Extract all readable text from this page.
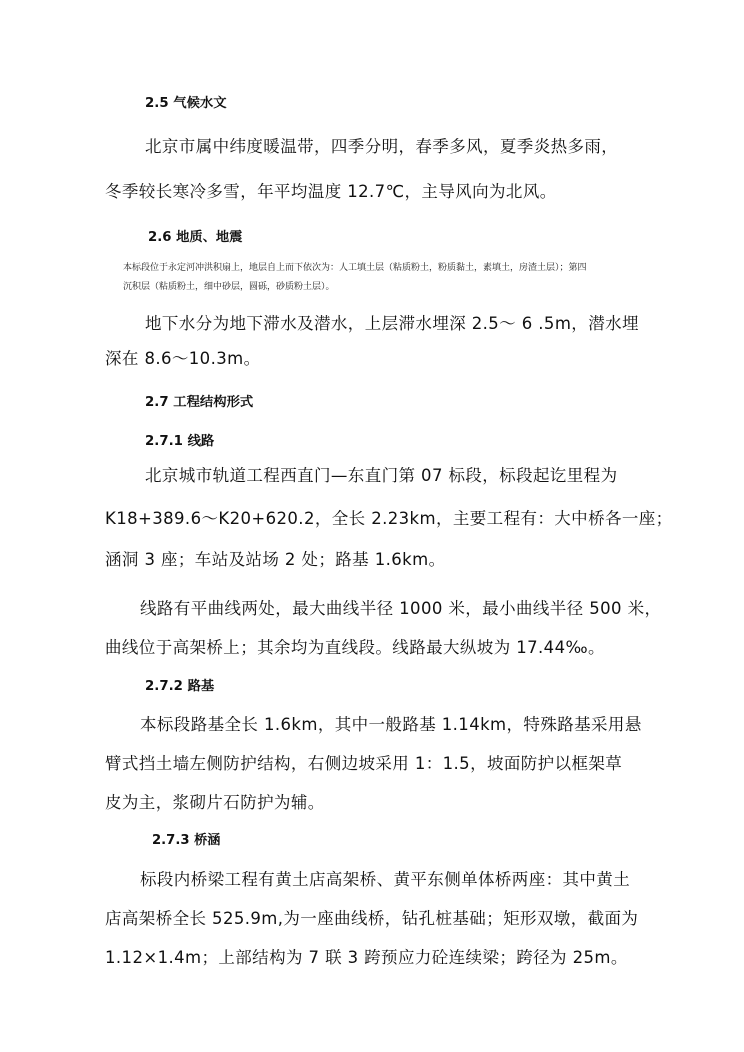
2.5 气候水文
北京市属中纬度暖温带，四季分明，春季多风，夏季炎热多雨，
冬季较长寒冷多雪，年平均温度 12.7℃，主导风向为北风。
2.6 地质、地震
本标段位于永定河冲洪积扇上，地层自上而下依次为：人工填土层（粘质粉土，粉质黏土，素填土，房渣土层）；第四
沉积层（粘质粉土，细中砂层，圆砾，砂质粉土层）。
地下水分为地下滞水及潜水，上层滞水埋深 2.5～ 6 .5m，潜水埋
深在 8.6～10.3m。
2.7 工程结构形式
2.7.1 线路
北京城市轨道工程西直门—东直门第 07 标段，标段起讫里程为
K18+389.6～K20+620.2，全长 2.23km，主要工程有：大中桥各一座；
涵洞 3 座；车站及站场 2 处；路基 1.6km。
线路有平曲线两处，最大曲线半径 1000 米，最小曲线半径 500 米，
曲线位于高架桥上；其余均为直线段。线路最大纵坡为 17.44‰。
2.7.2 路基
本标段路基全长 1.6km，其中一般路基 1.14km，特殊路基采用悬
臂式挡土墙左侧防护结构，右侧边坡采用 1：1.5，坡面防护以框架草
皮为主，浆砌片石防护为辅。
2.7.3 桥涵
标段内桥梁工程有黄土店高架桥、黄平东侧单体桥两座：其中黄土
店高架桥全长 525.9m,为一座曲线桥，钻孔桩基础；矩形双墩，截面为
1.12×1.4m；上部结构为 7 联 3 跨预应力砼连续梁；跨径为 25m。
